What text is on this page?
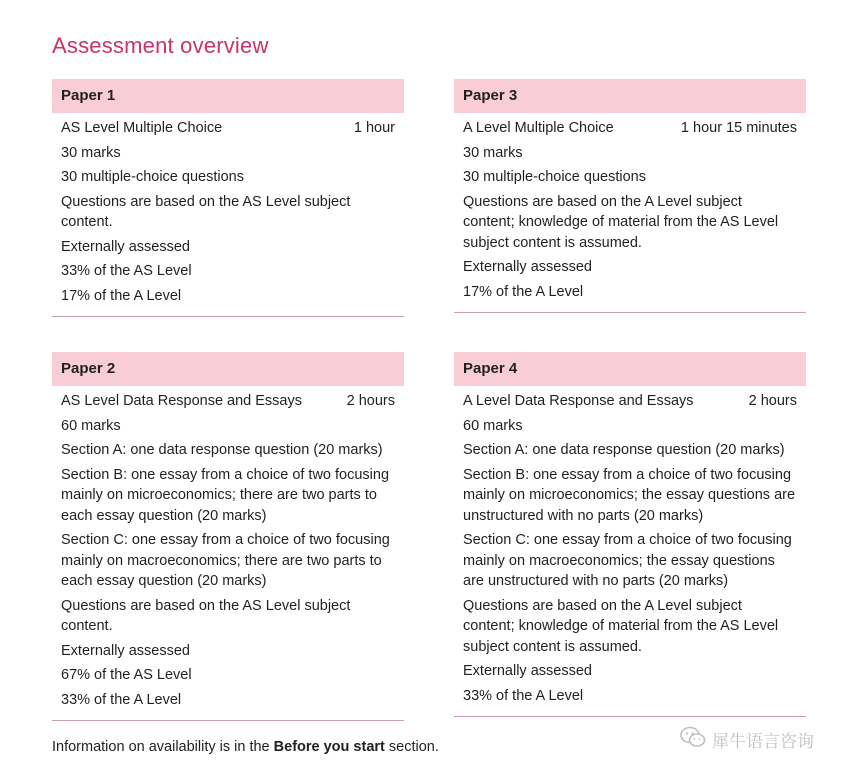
Assessment overview
Paper 1
AS Level Multiple Choice	1 hour
30 marks
30 multiple-choice questions
Questions are based on the AS Level subject content.
Externally assessed
33% of the AS Level
17% of the A Level
Paper 3
A Level Multiple Choice	1 hour 15 minutes
30 marks
30 multiple-choice questions
Questions are based on the A Level subject content; knowledge of material from the AS Level subject content is assumed.
Externally assessed
17% of the A Level
Paper 2
AS Level Data Response and Essays	2 hours
60 marks
Section A: one data response question (20 marks)
Section B: one essay from a choice of two focusing mainly on microeconomics; there are two parts to each essay question (20 marks)
Section C: one essay from a choice of two focusing mainly on macroeconomics; there are two parts to each essay question (20 marks)
Questions are based on the AS Level subject content.
Externally assessed
67% of the AS Level
33% of the A Level
Paper 4
A Level Data Response and Essays	2 hours
60 marks
Section A: one data response question (20 marks)
Section B: one essay from a choice of two focusing mainly on microeconomics; the essay questions are unstructured with no parts (20 marks)
Section C: one essay from a choice of two focusing mainly on macroeconomics; the essay questions are unstructured with no parts (20 marks)
Questions are based on the A Level subject content; knowledge of material from the AS Level subject content is assumed.
Externally assessed
33% of the A Level
Information on availability is in the Before you start section.	犀牛语言咨询
